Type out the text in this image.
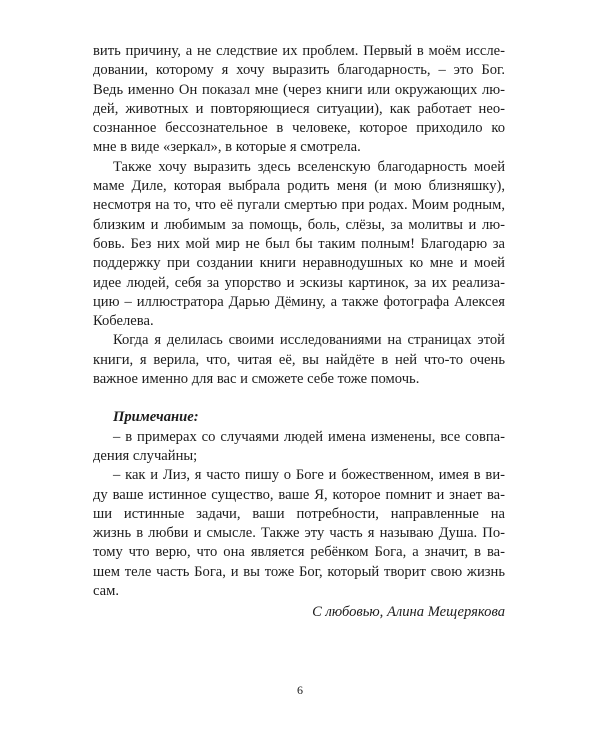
вить причину, а не следствие их проблем. Первый в моём иссле-
довании, которому я хочу выразить благодарность, – это Бог.
Ведь именно Он показал мне (через книги или окружающих лю-
дей, животных и повторяющиеся ситуации), как работает нео-
сознанное бессознательное в человеке, которое приходило ко
мне в виде «зеркал», в которые я смотрела.
Также хочу выразить здесь вселенскую благодарность моей
маме Диле, которая выбрала родить меня (и мою близняшку),
несмотря на то, что её пугали смертью при родах. Моим родным,
близким и любимым за помощь, боль, слёзы, за молитвы и лю-
бовь. Без них мой мир не был бы таким полным! Благодарю за
поддержку при создании книги неравнодушных ко мне и моей
идее людей, себя за упорство и эскизы картинок, за их реализа-
цию – иллюстратора Дарью Дёмину, а также фотографа Алексея
Кобелева.
Когда я делилась своими исследованиями на страницах этой
книги, я верила, что, читая её, вы найдёте в ней что-то очень
важное именно для вас и сможете себе тоже помочь.
Примечание:
– в примерах со случаями людей имена изменены, все совпа-
дения случайны;
– как и Лиз, я часто пишу о Боге и божественном, имея в ви-
ду ваше истинное существо, ваше Я, которое помнит и знает ва-
ши истинные задачи, ваши потребности, направленные на
жизнь в любви и смысле. Также эту часть я называю Душа. По-
тому что верю, что она является ребёнком Бога, а значит, в ва-
шем теле часть Бога, и вы тоже Бог, который творит свою жизнь
сам.
С любовью, Алина Мещерякова
6
